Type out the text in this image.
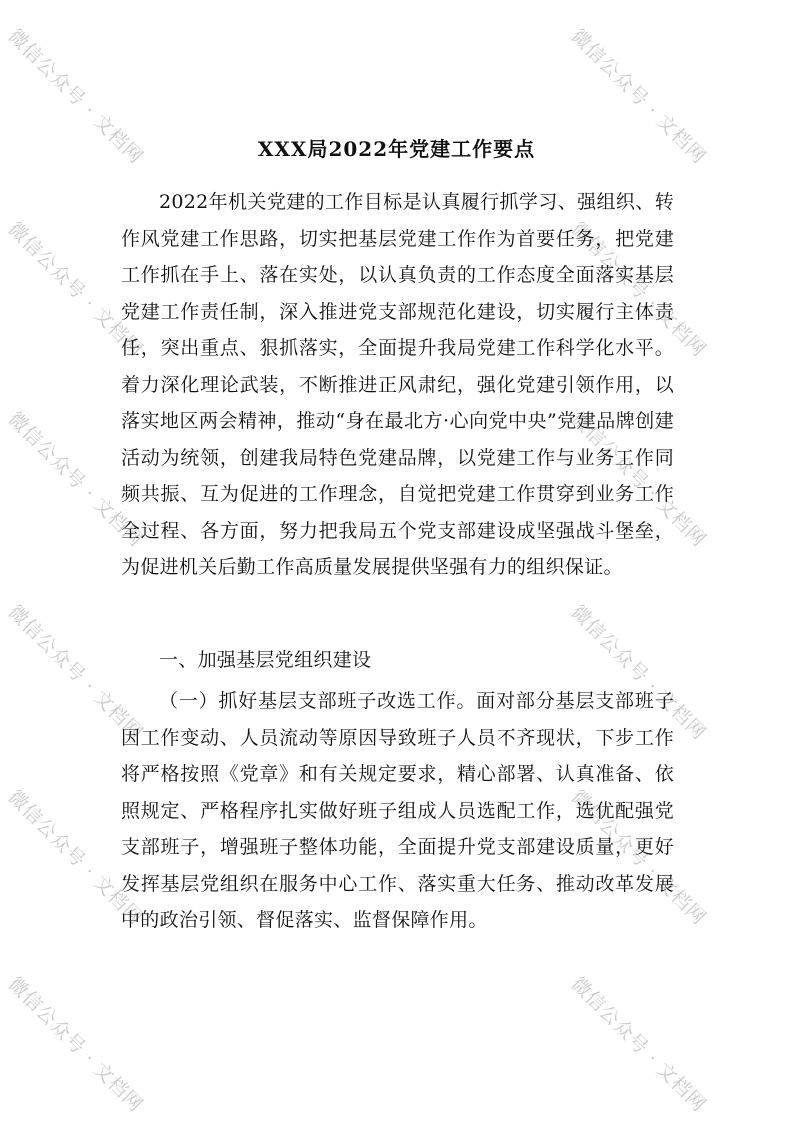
微信公众号 · 文档网	微信公众号 · 文档网
微信公众号 · 文档网	微信公众号 · 文档网
微信公众号 · 文档网	微信公众号 · 文档网
微信公众号 · 文档网	微信公众号 · 文档网
微信公众号 · 文档网	微信公众号 · 文档网
微信公众号 · 文档网	微信公众号 · 文档网
XXX局2022年党建工作要点

2022年机关党建的工作目标是认真履行抓学习、强组织、转作风党建工作思路，切实把基层党建工作作为首要任务，把党建工作抓在手上、落在实处，以认真负责的工作态度全面落实基层党建工作责任制，深入推进党支部规范化建设，切实履行主体责任，突出重点、狠抓落实，全面提升我局党建工作科学化水平。着力深化理论武装，不断推进正风肃纪，强化党建引领作用，以落实地区两会精神，推动“身在最北方·心向党中央”党建品牌创建活动为统领，创建我局特色党建品牌，以党建工作与业务工作同频共振、互为促进的工作理念，自觉把党建工作贯穿到业务工作全过程、各方面，努力把我局五个党支部建设成坚强战斗堡垒，为促进机关后勤工作高质量发展提供坚强有力的组织保证。

一、加强基层党组织建设

（一）抓好基层支部班子改选工作。面对部分基层支部班子因工作变动、人员流动等原因导致班子人员不齐现状，下步工作将严格按照《党章》和有关规定要求，精心部署、认真准备、依照规定、严格程序扎实做好班子组成人员选配工作，选优配强党支部班子，增强班子整体功能，全面提升党支部建设质量，更好发挥基层党组织在服务中心工作、落实重大任务、推动改革发展中的政治引领、督促落实、监督保障作用。
